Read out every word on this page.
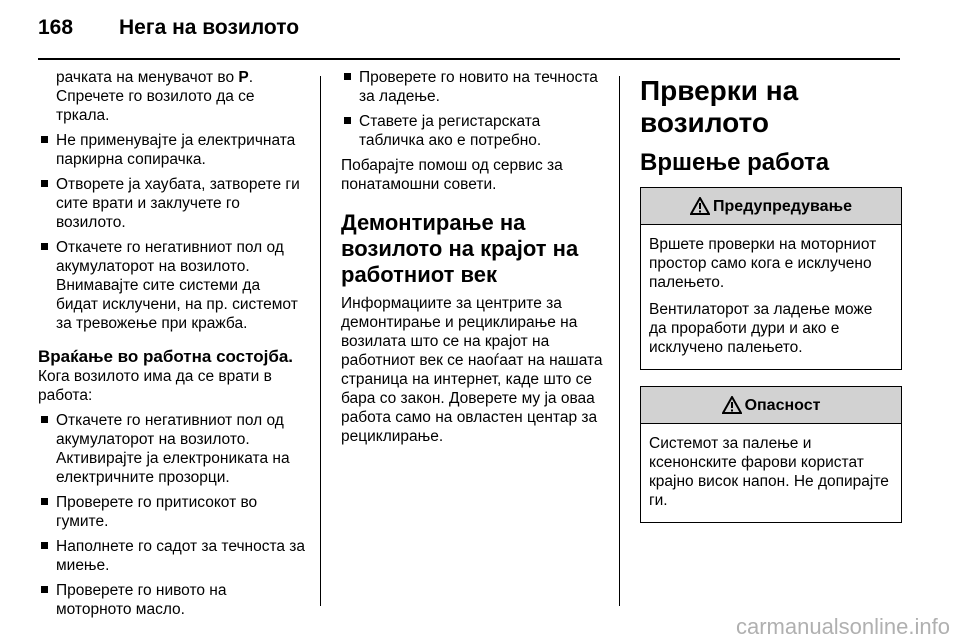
168 Нега на возилото

рачката на менувачот во P.
Спречете го возилото да се
тркала.

Не применувајте ја електричната паркирна сопирачка.
Отворете ја хаубата, затворете ги сите врати и заклучете го возилото.
Откачете го негативниот пол од акумулаторот на возилото. Внимавајте сите системи да бидат исклучени, на пр. системот за тревожење при кражба.
Враќање во работна состојба.

Кога возилото има да се врати в работа:

Откачете го негативниот пол од акумулаторот на возилото. Активирајте ја електрониката на електричните прозорци.
Проверете го притисокот во гумите.
Наполнете го садот за течноста за миење.
Проверете го нивото на моторното масло.
Проверете го новито на течноста за ладење.
Ставете ја регистарската табличка ако е потребно.

Побарајте помош од сервис за понатамошни совети.

Демонтирање на возилото на крајот на работниот век

Информациите за центрите за демонтирање и рециклирање на возилата што се на крајот на работниот век се наоѓаат на нашата страница на интернет, каде што се бара со закон. Доверете му ја оваа работа само на овластен центар за рециклирање.

Прверки на возилото
Вршење работа
Предупредување

Вршете проверки на моторниот простор само кога е исклучено палењето.

Вентилаторот за ладење може да проработи дури и ако е исклучено палењето.

Опасност

Системот за палење и ксенонските фарови користат крајно висок напон. Не допирајте ги.

carmanualsonline.info
